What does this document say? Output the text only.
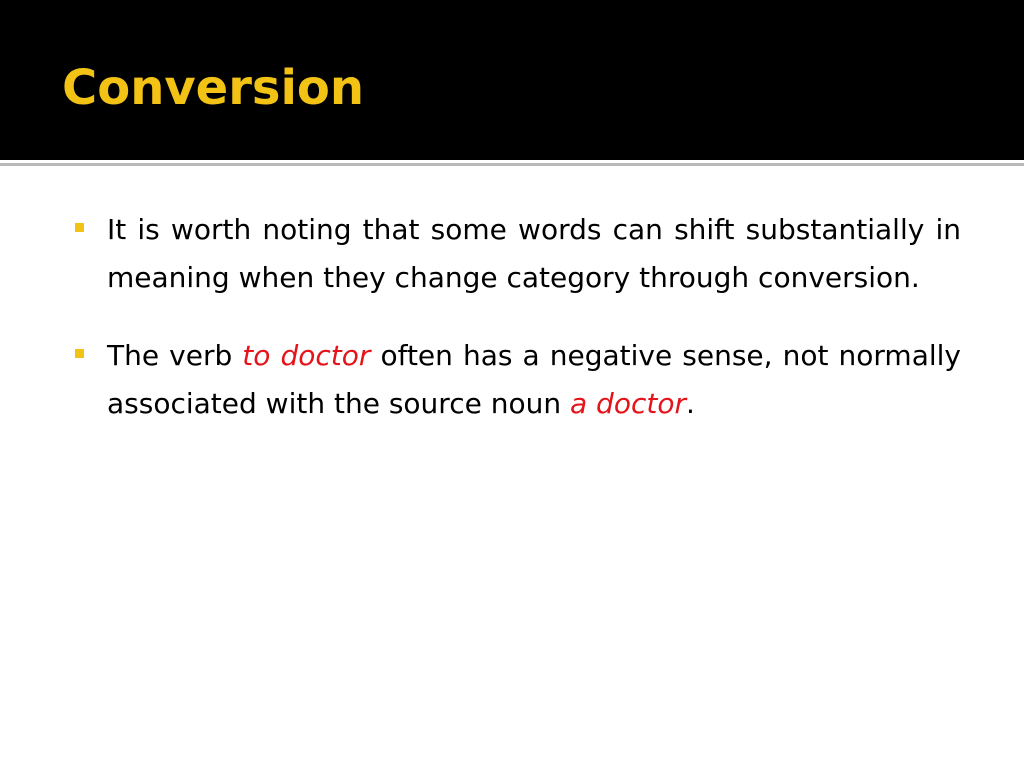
Conversion
It is worth noting that some words can shift substantially in meaning when they change category through conversion.
The verb to doctor often has a negative sense, not normally associated with the source noun a doctor.
